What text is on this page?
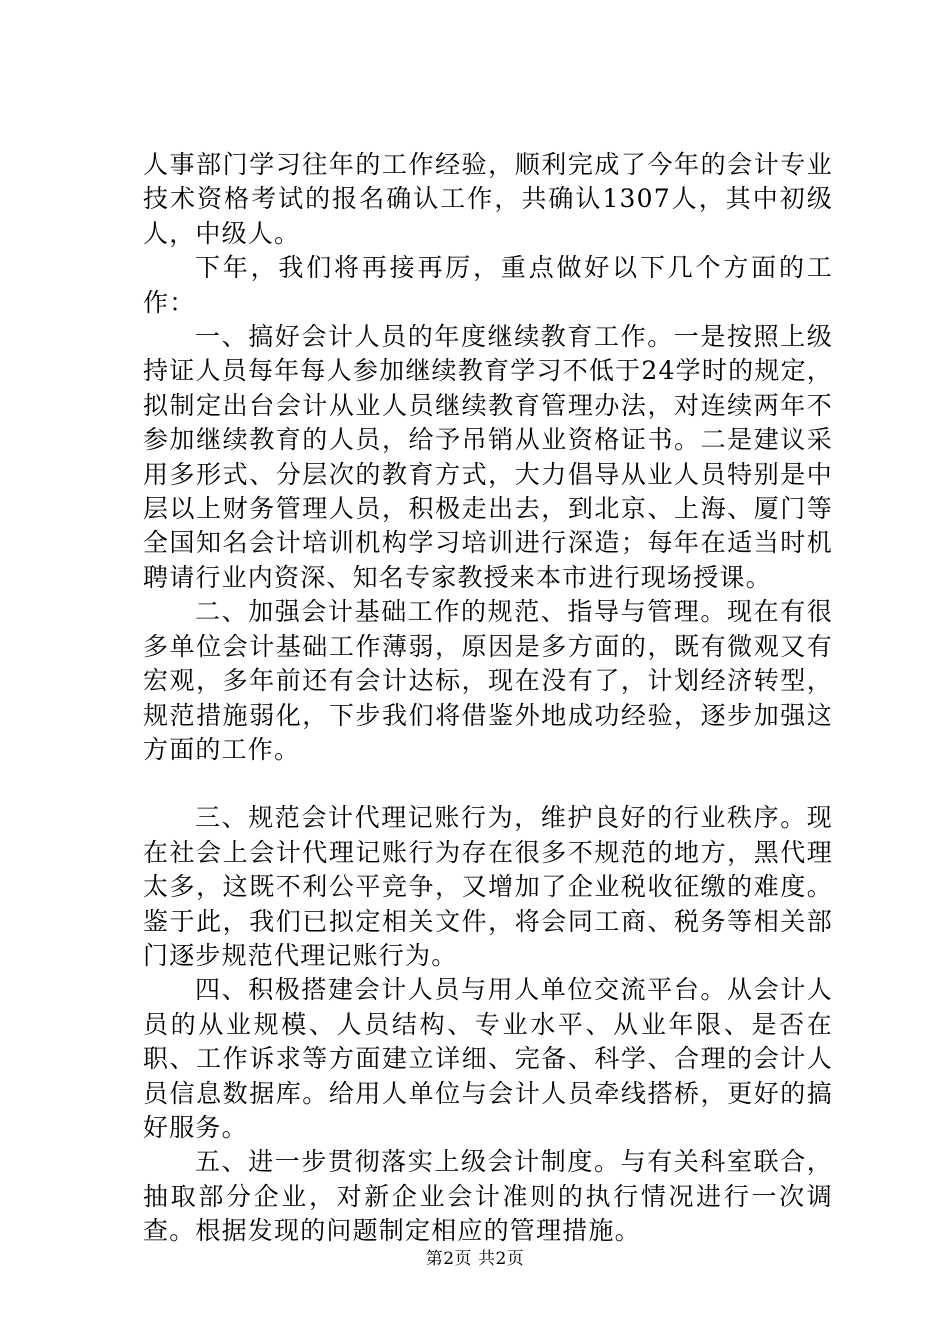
人事部门学习往年的工作经验，顺利完成了今年的会计专业技术资格考试的报名确认工作，共确认1307人，其中初级人，中级人。

下年，我们将再接再厉，重点做好以下几个方面的工作：

一、搞好会计人员的年度继续教育工作。一是按照上级持证人员每年每人参加继续教育学习不低于24学时的规定，拟制定出台会计从业人员继续教育管理办法，对连续两年不参加继续教育的人员，给予吊销从业资格证书。二是建议采用多形式、分层次的教育方式，大力倡导从业人员特别是中层以上财务管理人员，积极走出去，到北京、上海、厦门等全国知名会计培训机构学习培训进行深造；每年在适当时机聘请行业内资深、知名专家教授来本市进行现场授课。

二、加强会计基础工作的规范、指导与管理。现在有很多单位会计基础工作薄弱，原因是多方面的，既有微观又有宏观，多年前还有会计达标，现在没有了，计划经济转型，规范措施弱化，下步我们将借鉴外地成功经验，逐步加强这方面的工作。

三、规范会计代理记账行为，维护良好的行业秩序。现在社会上会计代理记账行为存在很多不规范的地方，黑代理太多，这既不利公平竞争，又增加了企业税收征缴的难度。鉴于此，我们已拟定相关文件，将会同工商、税务等相关部门逐步规范代理记账行为。

四、积极搭建会计人员与用人单位交流平台。从会计人员的从业规模、人员结构、专业水平、从业年限、是否在职、工作诉求等方面建立详细、完备、科学、合理的会计人员信息数据库。给用人单位与会计人员牵线搭桥，更好的搞好服务。

五、进一步贯彻落实上级会计制度。与有关科室联合，抽取部分企业，对新企业会计准则的执行情况进行一次调查。根据发现的问题制定相应的管理措施。

第2页 共2页
